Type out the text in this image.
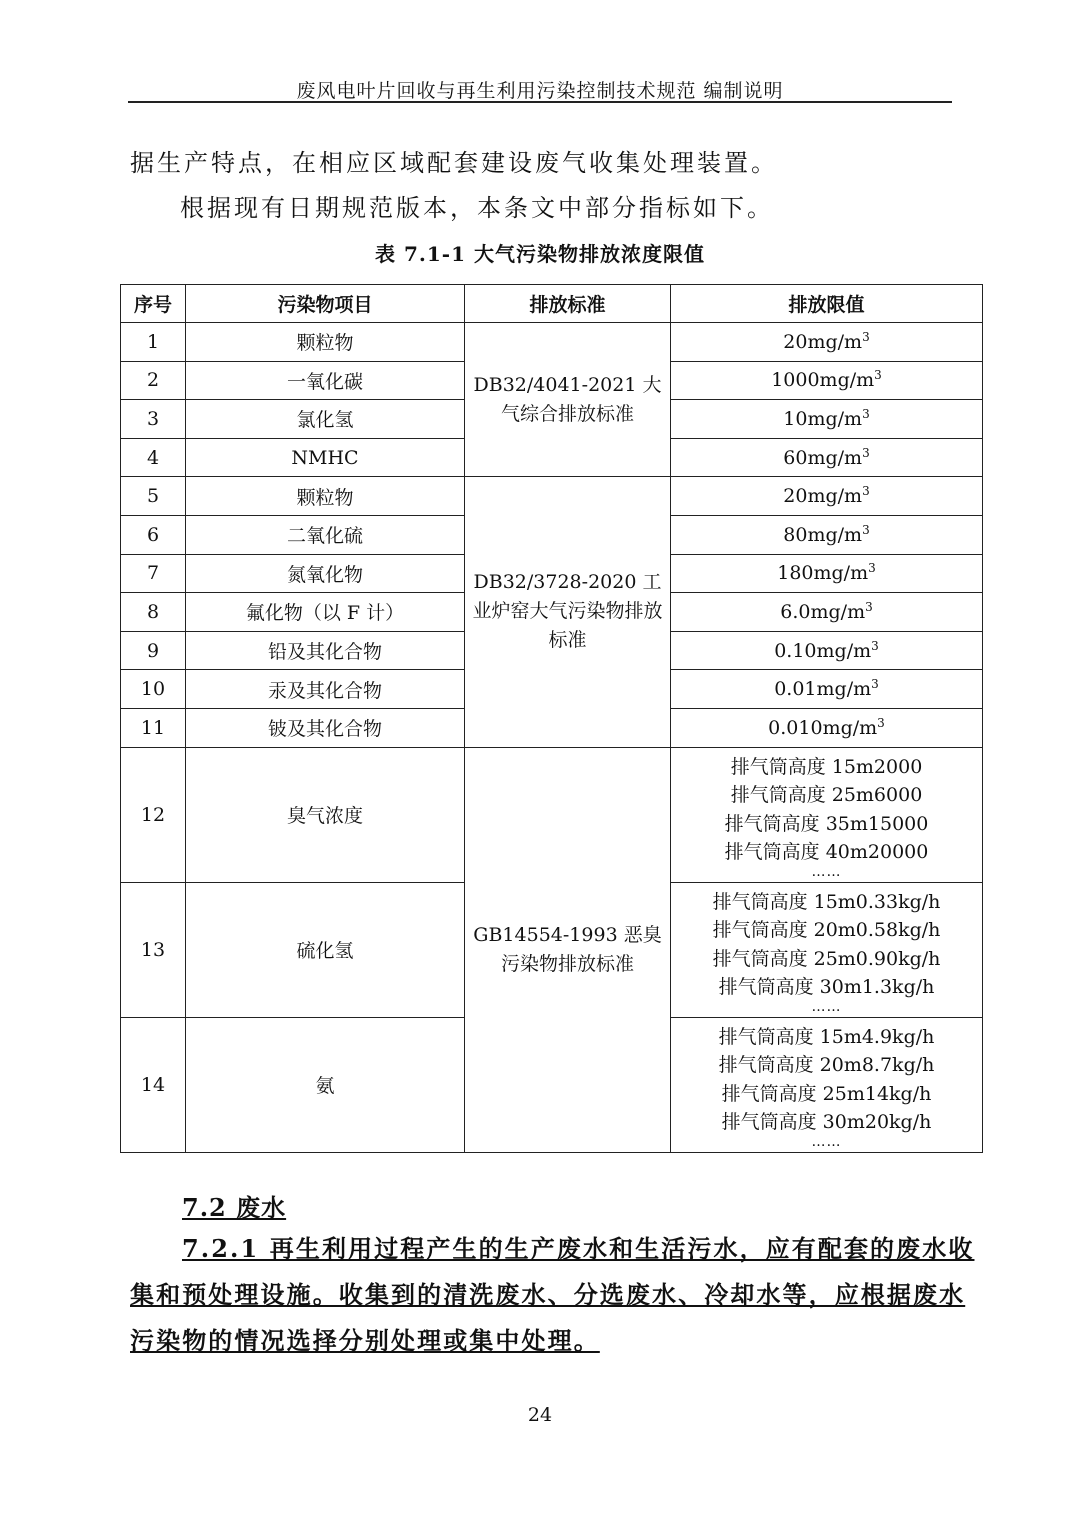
废风电叶片回收与再生利用污染控制技术规范 编制说明
据生产特点，在相应区域配套建设废气收集处理装置。
根据现有日期规范版本，本条文中部分指标如下。
表 7.1-1 大气污染物排放浓度限值
序号	污染物项目	排放标准	排放限值
1	颗粒物	DB32/4041-2021 大气综合排放标准	$20mg/m^3$
2	一氧化碳		$1000mg/m^3$
3	氯化氢		$10mg/m^3$
4	NMHC		$60mg/m^3$
5	颗粒物	DB32/3728-2020 工业炉窑大气污染物排放标准	$20mg/m^3$
6	二氧化硫		$80mg/m^3$
7	氮氧化物		$180mg/m^3$
8	氟化物（以 F 计）		$6.0mg/m^3$
9	铅及其化合物		$0.10mg/m^3$
10	汞及其化合物		$0.01mg/m^3$
11	铍及其化合物		$0.010mg/m^3$
12	臭气浓度	GB14554-1993 恶臭污染物排放标准	排气筒高度 15m2000
排气筒高度 25m6000
排气筒高度 35m15000
排气筒高度 40m20000
……

13	硫化氢		排气筒高度 15m0.33kg/h
排气筒高度 20m0.58kg/h
排气筒高度 25m0.90kg/h
排气筒高度 30m1.3kg/h
……

14	氨		排气筒高度 15m4.9kg/h
排气筒高度 20m8.7kg/h
排气筒高度 25m14kg/h
排气筒高度 30m20kg/h
……
7.2 废水
7.2.1 再生利用过程产生的生产废水和生活污水，应有配套的废水收
集和预处理设施。收集到的清洗废水、分选废水、冷却水等，应根据废水
污染物的情况选择分别处理或集中处理。
24
